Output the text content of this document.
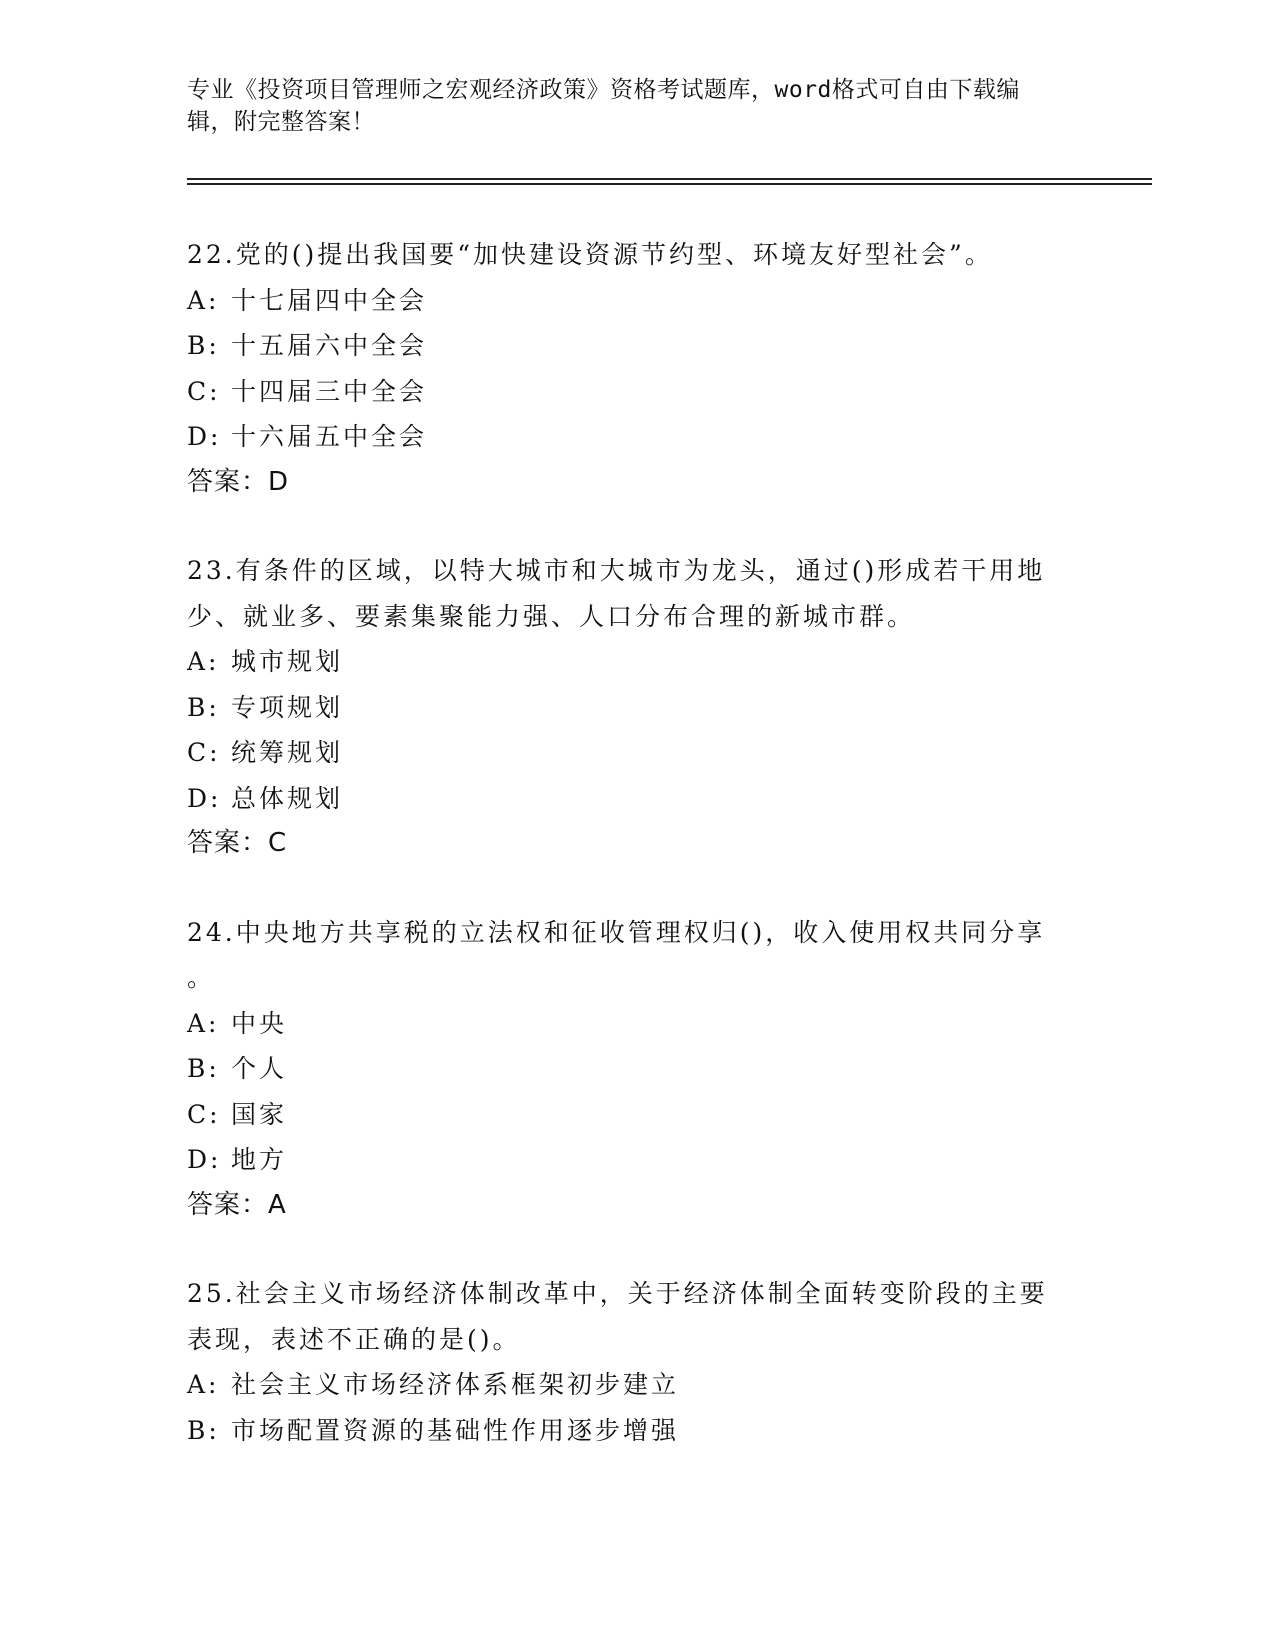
专业《投资项目管理师之宏观经济政策》资格考试题库，word格式可自由下载编
辑，附完整答案！
22.党的()提出我国要“加快建设资源节约型、环境友好型社会”。
A: 十七届四中全会
B: 十五届六中全会
C: 十四届三中全会
D: 十六届五中全会
答案：D
23.有条件的区域，以特大城市和大城市为龙头，通过()形成若干用地
少、就业多、要素集聚能力强、人口分布合理的新城市群。
A: 城市规划
B: 专项规划
C: 统筹规划
D: 总体规划
答案：C
24.中央地方共享税的立法权和征收管理权归()，收入使用权共同分享
。
A: 中央
B: 个人
C: 国家
D: 地方
答案：A
25.社会主义市场经济体制改革中，关于经济体制全面转变阶段的主要
表现，表述不正确的是()。
A: 社会主义市场经济体系框架初步建立
B: 市场配置资源的基础性作用逐步增强
